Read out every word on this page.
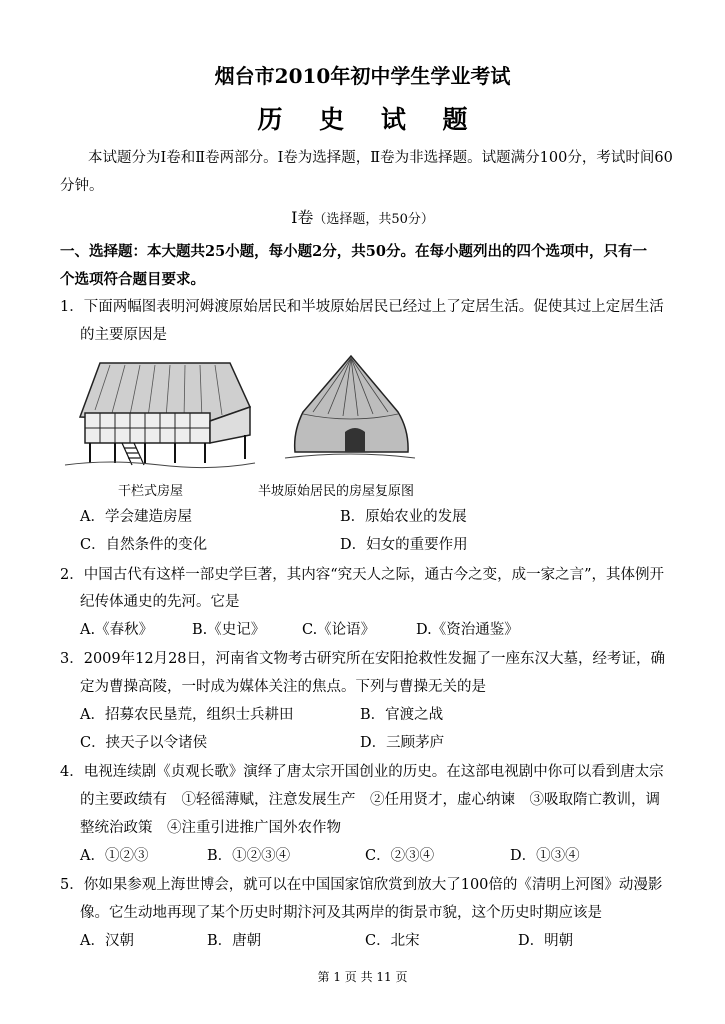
烟台市2010年初中学生学业考试
历 史 试 题
本试题分为Ⅰ卷和Ⅱ卷两部分。Ⅰ卷为选择题，Ⅱ卷为非选择题。试题满分100分，考试时间60
分钟。
Ⅰ卷（选择题，共50分）
一、选择题：本大题共25小题，每小题2分，共50分。在每小题列出的四个选项中，只有一
个选项符合题目要求。
1．下面两幅图表明河姆渡原始居民和半坡原始居民已经过上了定居生活。促使其过上定居生活
的主要原因是
干栏式房屋	半坡原始居民的房屋复原图
A．学会建造房屋	B．原始农业的发展
C．自然条件的变化	D．妇女的重要作用
2．中国古代有这样一部史学巨著，其内容“究天人之际，通古今之变，成一家之言”，其体例开
纪传体通史的先河。它是
A.《春秋》	B.《史记》	C.《论语》	D.《资治通鉴》
3．2009年12月28日，河南省文物考古研究所在安阳抢救性发掘了一座东汉大墓，经考证，确
定为曹操高陵，一时成为媒体关注的焦点。下列与曹操无关的是
A．招募农民垦荒，组织士兵耕田	B．官渡之战
C．挟天子以令诸侯	D．三顾茅庐
4．电视连续剧《贞观长歌》演绎了唐太宗开国创业的历史。在这部电视剧中你可以看到唐太宗
的主要政绩有　①轻徭薄赋，注意发展生产　②任用贤才，虚心纳谏　③吸取隋亡教训，调
整统治政策　④注重引进推广国外农作物
A．①②③	B．①②③④	C．②③④	D．①③④
5．你如果参观上海世博会，就可以在中国国家馆欣赏到放大了100倍的《清明上河图》动漫影
像。它生动地再现了某个历史时期汴河及其两岸的街景市貌，这个历史时期应该是
A．汉朝	B．唐朝	C．北宋	D．明朝
第 1 页 共 11 页
